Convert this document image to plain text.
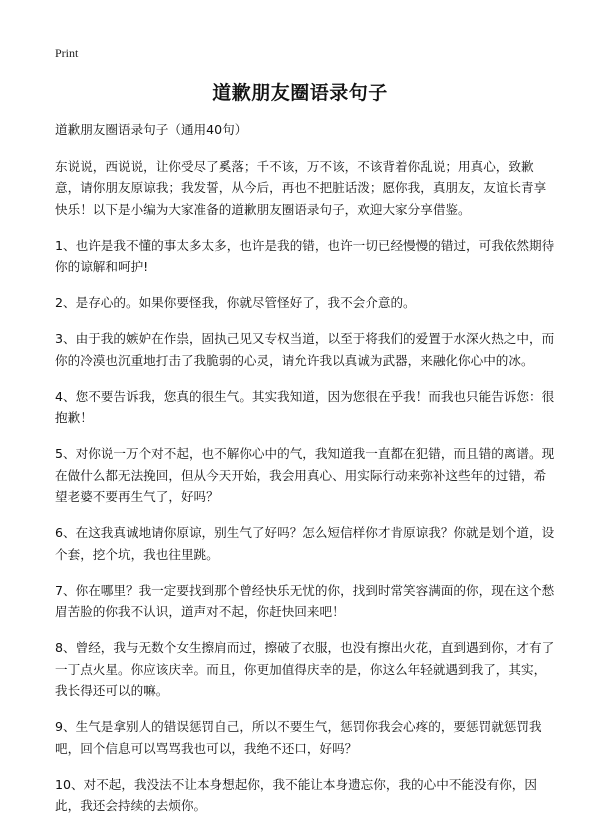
Print
道歉朋友圈语录句子

道歉朋友圈语录句子（通用40句）

东说说，西说说，让你受尽了奚落；千不该，万不该，不该背着你乱说；用真心，致歉意，请你朋友原谅我；我发誓，从今后，再也不把脏话泼；愿你我，真朋友，友谊长青享快乐！以下是小编为大家准备的道歉朋友圈语录句子，欢迎大家分享借鉴。

1、也许是我不懂的事太多太多，也许是我的错，也许一切已经慢慢的错过，可我依然期待你的谅解和呵护!

2、是存心的。如果你要怪我，你就尽管怪好了，我不会介意的。

3、由于我的嫉妒在作祟，固执己见又专权当道，以至于将我们的爱置于水深火热之中，而你的冷漠也沉重地打击了我脆弱的心灵，请允许我以真诚为武器，来融化你心中的冰。

4、您不要告诉我，您真的很生气。其实我知道，因为您很在乎我！而我也只能告诉您：很抱歉！

5、对你说一万个对不起，也不解你心中的气，我知道我一直都在犯错，而且错的离谱。现在做什么都无法挽回，但从今天开始，我会用真心、用实际行动来弥补这些年的过错，希望老婆不要再生气了，好吗？

6、在这我真诚地请你原谅，别生气了好吗？怎么短信样你才肯原谅我？你就是划个道，设个套，挖个坑，我也往里跳。

7、你在哪里？我一定要找到那个曾经快乐无忧的你，找到时常笑容满面的你，现在这个愁眉苦脸的你我不认识，道声对不起，你赶快回来吧！

8、曾经，我与无数个女生擦肩而过，擦破了衣服，也没有擦出火花，直到遇到你，才有了一丁点火星。你应该庆幸。而且，你更加值得庆幸的是，你这么年轻就遇到我了，其实，我长得还可以的嘛。

9、生气是拿别人的错误惩罚自己，所以不要生气，惩罚你我会心疼的，要惩罚就惩罚我吧，回个信息可以骂骂我也可以，我绝不还口，好吗？

10、对不起，我没法不让本身想起你，我不能让本身遗忘你，我的心中不能没有你，因此，我还会持续的去烦你。
